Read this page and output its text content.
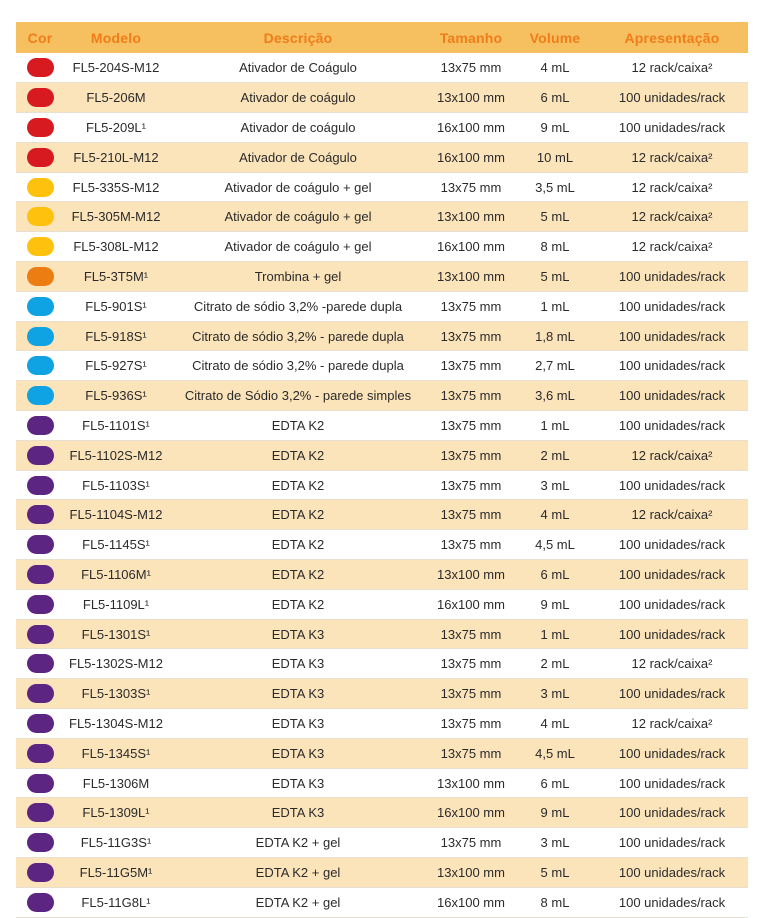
Cor	Modelo	Descrição	Tamanho	Volume	Apresentação
	FL5-204S-M12	Ativador de Coágulo	13x75 mm	4 mL	12 rack/caixa²
	FL5-206M	Ativador de coágulo	13x100 mm	6 mL	100 unidades/rack
	FL5-209L¹	Ativador de coágulo	16x100 mm	9 mL	100 unidades/rack
	FL5-210L-M12	Ativador de Coágulo	16x100 mm	10 mL	12 rack/caixa²
	FL5-335S-M12	Ativador de coágulo + gel	13x75 mm	3,5 mL	12 rack/caixa²
	FL5-305M-M12	Ativador de coágulo + gel	13x100 mm	5 mL	12 rack/caixa²
	FL5-308L-M12	Ativador de coágulo + gel	16x100 mm	8 mL	12 rack/caixa²
	FL5-3T5M¹	Trombina + gel	13x100 mm	5 mL	100 unidades/rack
	FL5-901S¹	Citrato de sódio 3,2% -parede dupla	13x75 mm	1 mL	100 unidades/rack
	FL5-918S¹	Citrato de sódio 3,2% - parede dupla	13x75 mm	1,8 mL	100 unidades/rack
	FL5-927S¹	Citrato de sódio 3,2% - parede dupla	13x75 mm	2,7 mL	100 unidades/rack
	FL5-936S¹	Citrato de Sódio 3,2% - parede simples	13x75 mm	3,6 mL	100 unidades/rack
	FL5-1101S¹	EDTA K2	13x75 mm	1 mL	100 unidades/rack
	FL5-1102S-M12	EDTA K2	13x75 mm	2 mL	12 rack/caixa²
	FL5-1103S¹	EDTA K2	13x75 mm	3 mL	100 unidades/rack
	FL5-1104S-M12	EDTA K2	13x75 mm	4 mL	12 rack/caixa²
	FL5-1145S¹	EDTA K2	13x75 mm	4,5 mL	100 unidades/rack
	FL5-1106M¹	EDTA K2	13x100 mm	6 mL	100 unidades/rack
	FL5-1109L¹	EDTA K2	16x100 mm	9 mL	100 unidades/rack
	FL5-1301S¹	EDTA K3	13x75 mm	1 mL	100 unidades/rack
	FL5-1302S-M12	EDTA K3	13x75 mm	2 mL	12 rack/caixa²
	FL5-1303S¹	EDTA K3	13x75 mm	3 mL	100 unidades/rack
	FL5-1304S-M12	EDTA K3	13x75 mm	4 mL	12 rack/caixa²
	FL5-1345S¹	EDTA K3	13x75 mm	4,5 mL	100 unidades/rack
	FL5-1306M	EDTA K3	13x100 mm	6 mL	100 unidades/rack
	FL5-1309L¹	EDTA K3	16x100 mm	9 mL	100 unidades/rack
	FL5-11G3S¹	EDTA K2 + gel	13x75 mm	3 mL	100 unidades/rack
	FL5-11G5M¹	EDTA K2 + gel	13x100 mm	5 mL	100 unidades/rack
	FL5-11G8L¹	EDTA K2 + gel	16x100 mm	8 mL	100 unidades/rack
